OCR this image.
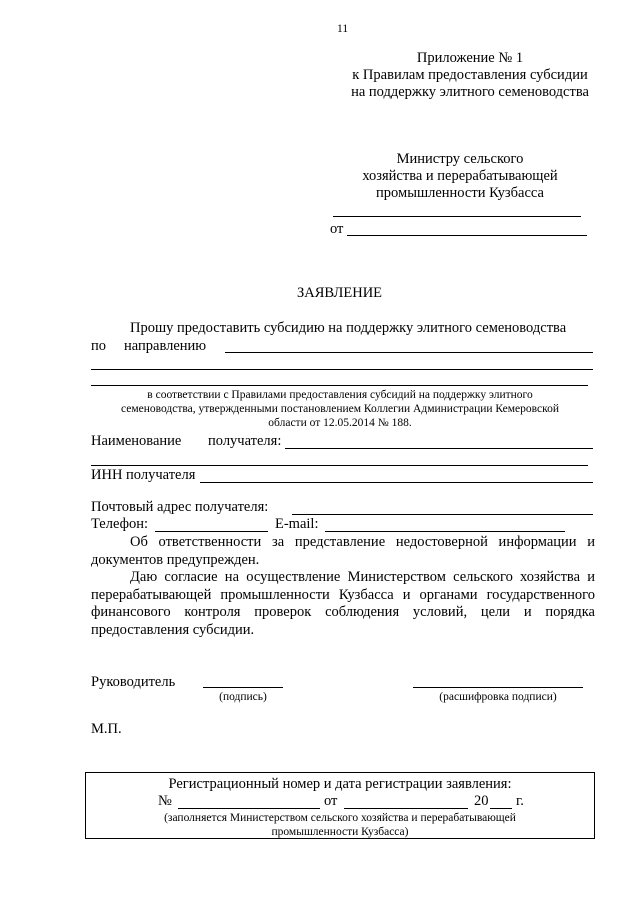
11
Приложение № 1
к Правилам предоставления субсидии
на поддержку элитного семеноводства
Министру сельского
хозяйства и перерабатывающей
промышленности Кузбасса
от
ЗАЯВЛЕНИЕ
Прошу предоставить субсидию на поддержку элитного семеноводства
по направлению
в соответствии с Правилами предоставления субсидий на поддержку элитного
семеноводства, утвержденными постановлением Коллегии Администрации Кемеровской
области от 12.05.2014 № 188.
Наименование получателя:
ИНН получателя
Почтовый адрес получателя:
Телефон:	E-mail:
Об ответственности за представление недостоверной информации и
документов предупрежден.
Даю согласие на осуществление Министерством сельского хозяйства и
перерабатывающей промышленности Кузбасса и органами государственного
финансового контроля проверок соблюдения условий, цели и порядка
предоставления субсидии.
Руководитель
(подпись)	(расшифровка подписи)
М.П.
Регистрационный номер и дата регистрации заявления:
№	от	20 г.
(заполняется Министерством сельского хозяйства и перерабатывающей
промышленности Кузбасса)
